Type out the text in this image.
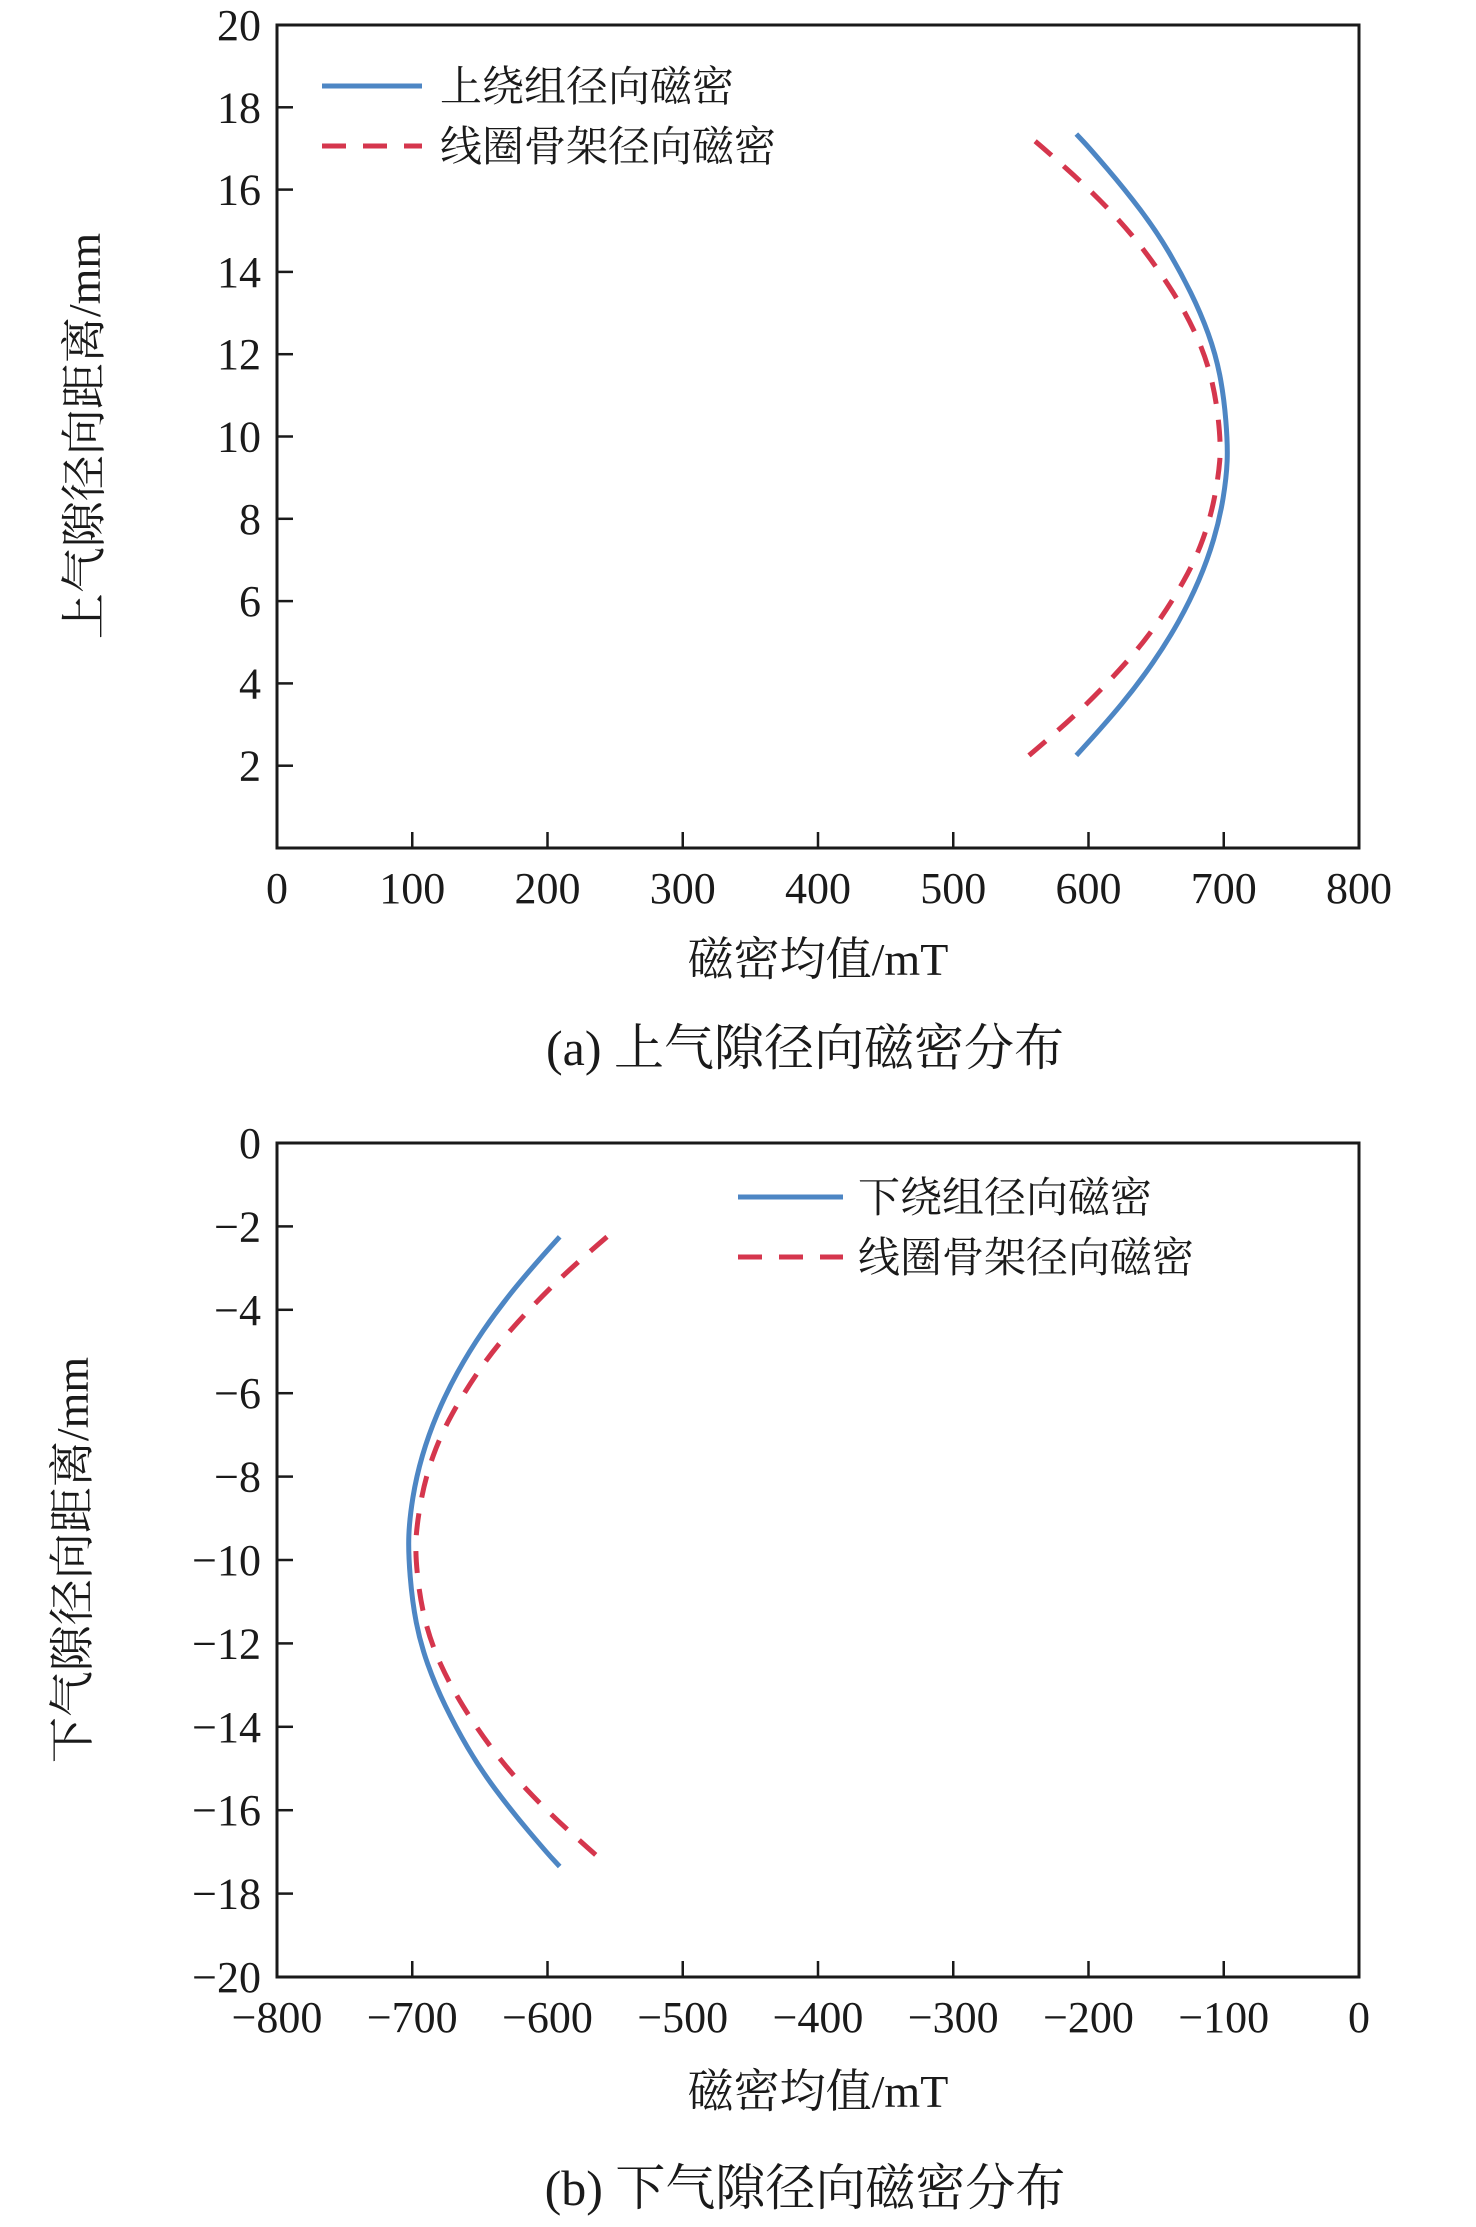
0 100 200 300 400 500 600 700 800
2
4
6
8
10
12
14
16
18
20
上绕组径向磁密
线圈骨架径向磁密
−800 −700 −600 −500 −400 −300 −200 −100 0
0
−2
−4
−6
−8
−10
−12
−14
−16
−18
−20
下绕组径向磁密
线圈骨架径向磁密
上气隙径向距离/mm
磁密均值/mT
(a) 上气隙径向磁密分布
下气隙径向距离/mm
磁密均值/mT
(b) 下气隙径向磁密分布
